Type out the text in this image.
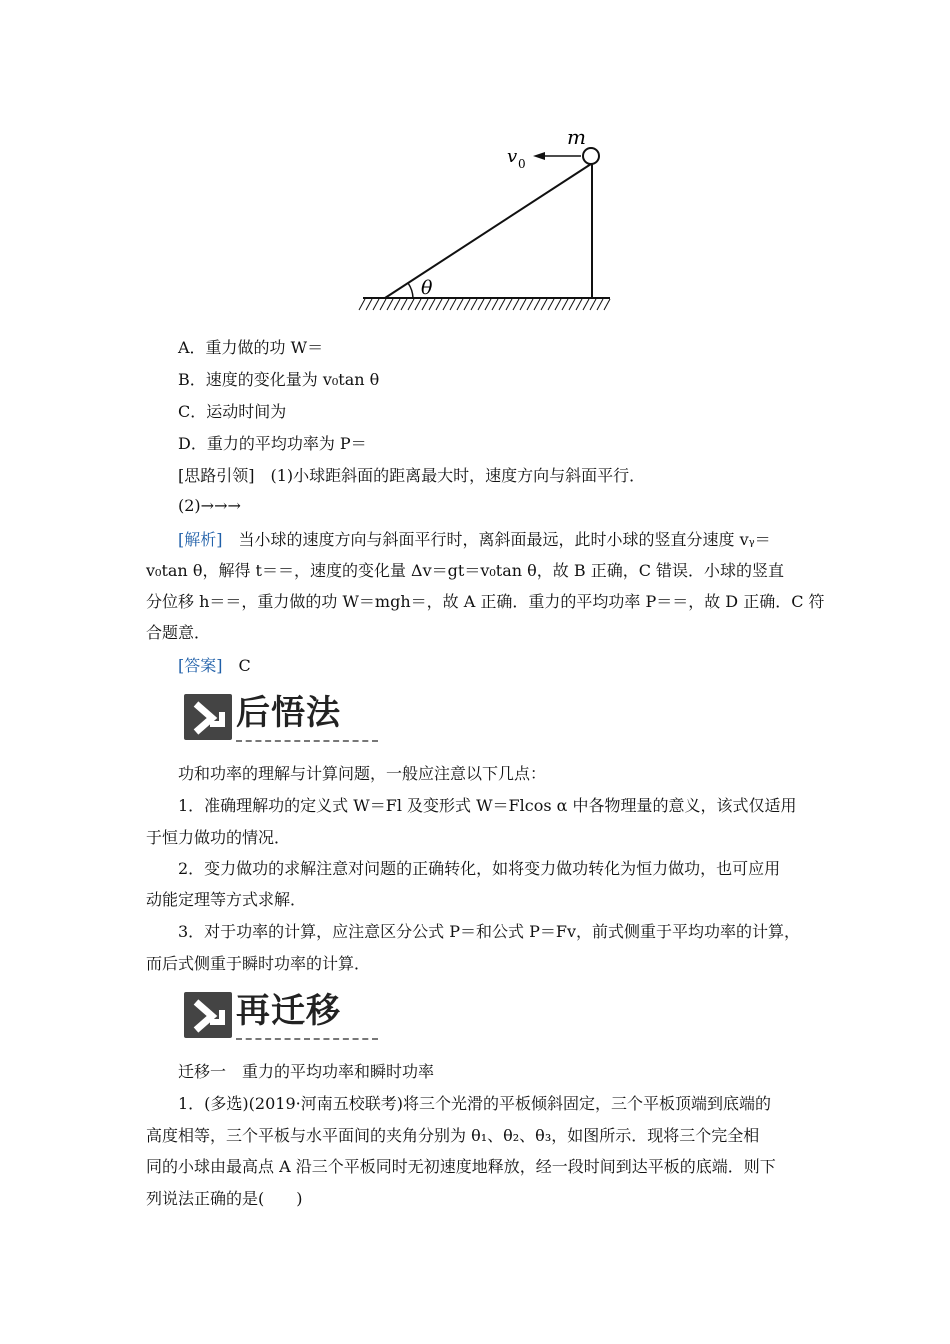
m
v 0
θ
A．重力做的功 W＝
B．速度的变化量为 v₀tan θ
C．运动时间为
D．重力的平均功率为 P＝
[思路引领]　(1)小球距斜面的距离最大时，速度方向与斜面平行．
(2)→→→
[解析]　当小球的速度方向与斜面平行时，离斜面最远，此时小球的竖直分速度 vᵧ＝
v₀tan θ，解得 t＝＝，速度的变化量 Δv＝gt＝v₀tan θ，故 B 正确，C 错误．小球的竖直
分位移 h＝＝，重力做的功 W＝mgh＝，故 A 正确．重力的平均功率 P＝＝，故 D 正确．C 符
合题意．
[答案]　C
后悟法
功和功率的理解与计算问题，一般应注意以下几点：
1．准确理解功的定义式 W＝Fl 及变形式 W＝Flcos α 中各物理量的意义，该式仅适用
于恒力做功的情况．
2．变力做功的求解注意对问题的正确转化，如将变力做功转化为恒力做功，也可应用
动能定理等方式求解．
3．对于功率的计算，应注意区分公式 P＝和公式 P＝Fv，前式侧重于平均功率的计算，
而后式侧重于瞬时功率的计算．
再迁移
迁移一　重力的平均功率和瞬时功率
1．(多选)(2019·河南五校联考)将三个光滑的平板倾斜固定，三个平板顶端到底端的
高度相等，三个平板与水平面间的夹角分别为 θ₁、θ₂、θ₃，如图所示．现将三个完全相
同的小球由最高点 A 沿三个平板同时无初速度地释放，经一段时间到达平板的底端．则下
列说法正确的是(　　)
